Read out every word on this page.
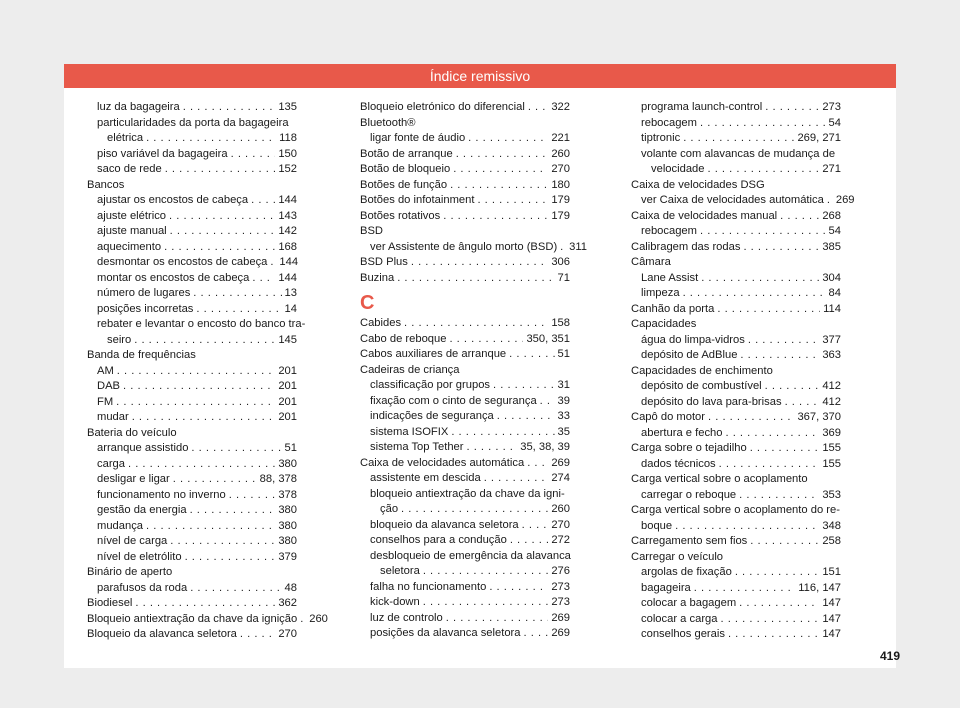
Índice remissivo
luz da bagageira . . .	135
particularidades da porta da bagageira
elétrica . . .	118
piso variável da bagageira . . .	150
saco de rede . . .	152
Bancos
ajustar os encostos de cabeça . . .	144
ajuste elétrico . . .	143
ajuste manual . . .	142
aquecimento . . .	168
desmontar os encostos de cabeça . . . 144
montar os encostos de cabeça . . .	144
número de lugares . . .	13
posições incorretas . . .	14
rebater e levantar o encosto do banco tra-
seiro . . .	145
Banda de frequências
AM . . .	201
DAB . . .	201
FM . . .	201
mudar . . .	201
Bateria do veículo
arranque assistido . . .	51
carga . . .	380
desligar e ligar . . .	88, 378
funcionamento no inverno . . .	378
gestão da energia . . .	380
mudança . . .	380
nível de carga . . .	380
nível de eletrólito . . .	379
Binário de aperto
parafusos da roda . . .	48
Biodiesel . . .	362
Bloqueio antiextração da chave da ignição . . . 260
Bloqueio da alavanca seletora . . .	270
Bloqueio eletrónico do diferencial . . . 322
Bluetooth®
ligar fonte de áudio . . .	221
Botão de arranque . . .	260
Botão de bloqueio . . .	270
Botões de função . . .	180
Botões do infotainment . . .	179
Botões rotativos . . .	179
BSD
ver Assistente de ângulo morto (BSD) . . . 311
BSD Plus . . .	306
Buzina . . .	71
C
Cabides . . .	158
Cabo de reboque . . .	350, 351
Cabos auxiliares de arranque . . .	51
Cadeiras de criança
classificação por grupos . . .	31
fixação com o cinto de segurança . . . 39
indicações de segurança . . .	33
sistema ISOFIX . . .	35
sistema Top Tether . . .	35, 38, 39
Caixa de velocidades automática . . . 269
assistente em descida . . .	274
bloqueio antiextração da chave da igni-
ção . . .	260
bloqueio da alavanca seletora . . .	270
conselhos para a condução . . .	272
desbloqueio de emergência da alavanca
seletora . . .	276
falha no funcionamento . . .	273
kick-down . . .	273
luz de controlo . . .	269
posições da alavanca seletora . . .	269
programa launch-control . . .	273
rebocagem . . .	54
tiptronic . . .	269, 271
volante com alavancas de mudança de
velocidade . . .	271
Caixa de velocidades DSG
ver Caixa de velocidades automática . . . 269
Caixa de velocidades manual . . .	268
rebocagem . . .	54
Calibragem das rodas . . .	385
Câmara
Lane Assist . . .	304
limpeza . . .	84
Canhão da porta . . .	114
Capacidades
água do limpa-vidros . . .	377
depósito de AdBlue . . .	363
Capacidades de enchimento
depósito de combustível . . .	412
depósito do lava para-brisas . . .	412
Capô do motor . . .	367, 370
abertura e fecho . . .	369
Carga sobre o tejadilho . . .	155
dados técnicos . . .	155
Carga vertical sobre o acoplamento
carregar o reboque . . .	353
Carga vertical sobre o acoplamento do re-
boque . . .	348
Carregamento sem fios . . .	258
Carregar o veículo
argolas de fixação . . .	151
bagageira . . .	116, 147
colocar a bagagem . . .	147
colocar a carga . . .	147
conselhos gerais . . .	147
419
